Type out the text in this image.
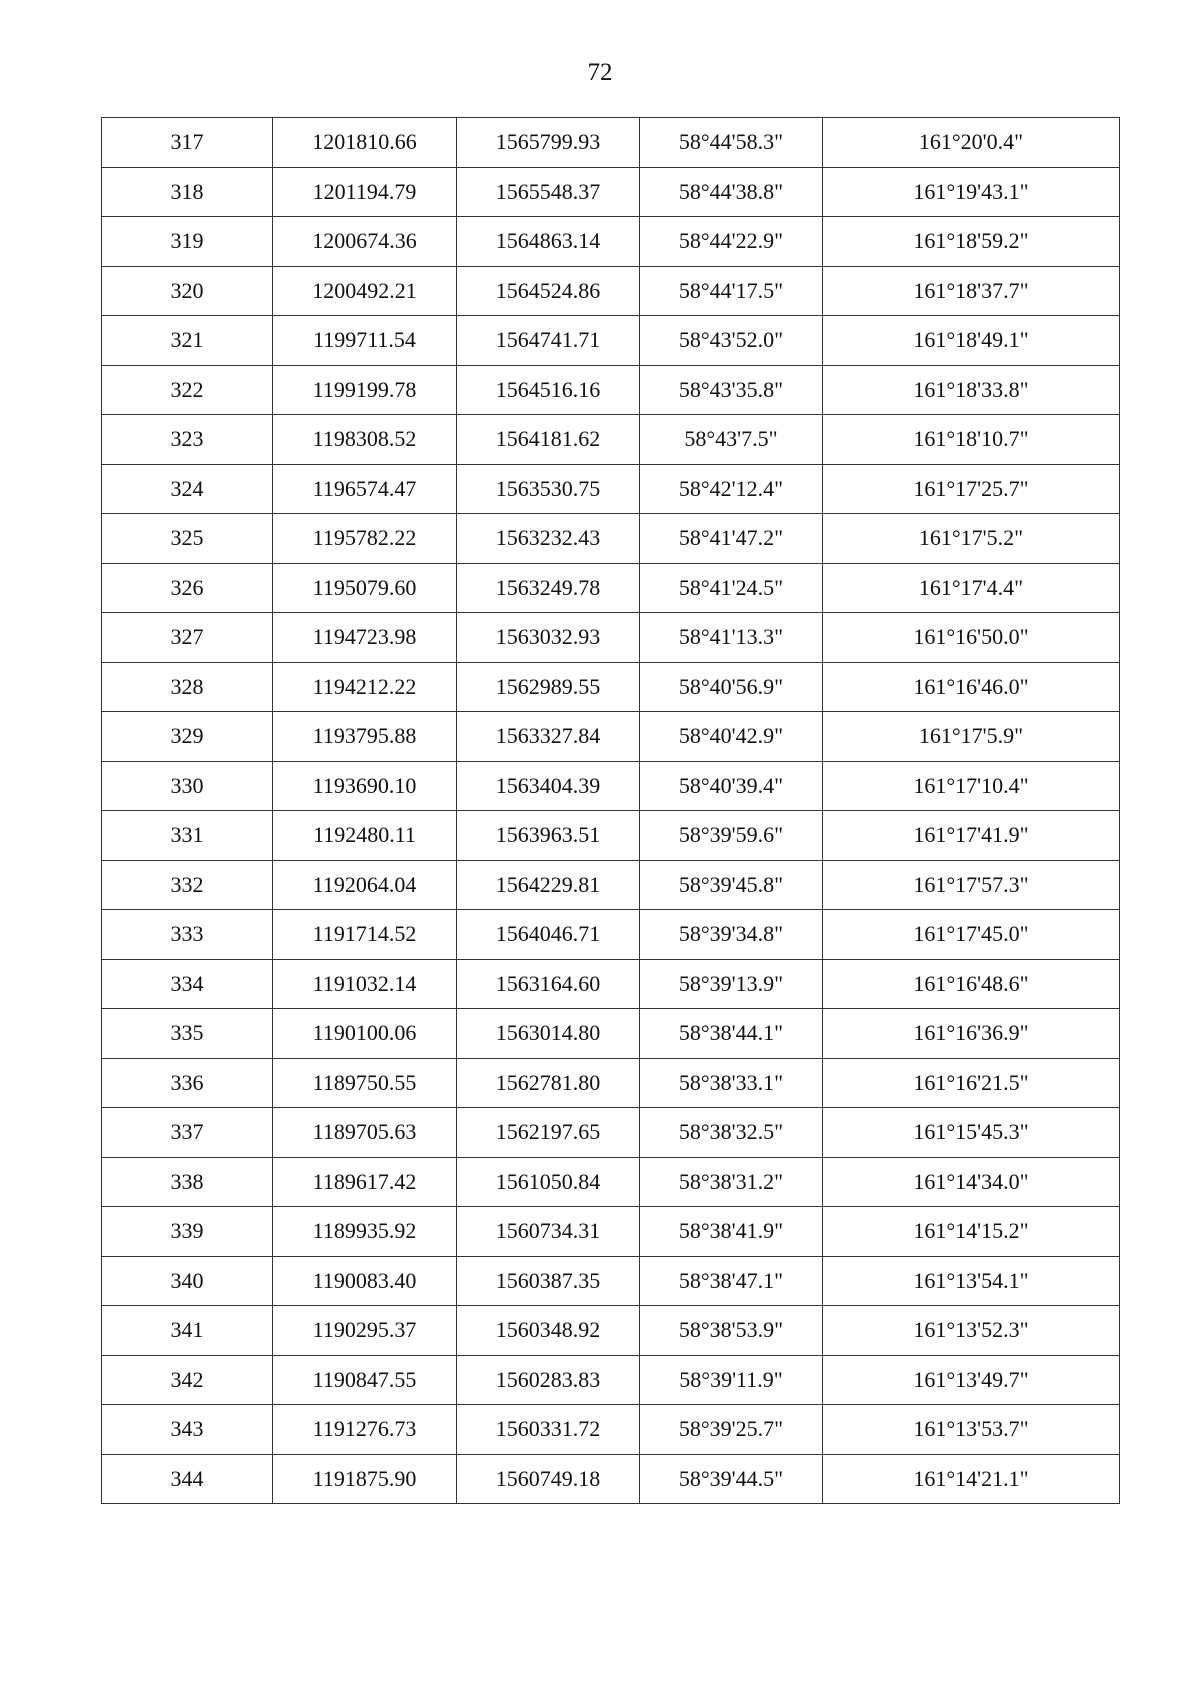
72
317	1201810.66	1565799.93	58°44'58.3"	161°20'0.4"
318	1201194.79	1565548.37	58°44'38.8"	161°19'43.1"
319	1200674.36	1564863.14	58°44'22.9"	161°18'59.2"
320	1200492.21	1564524.86	58°44'17.5"	161°18'37.7"
321	1199711.54	1564741.71	58°43'52.0"	161°18'49.1"
322	1199199.78	1564516.16	58°43'35.8"	161°18'33.8"
323	1198308.52	1564181.62	58°43'7.5"	161°18'10.7"
324	1196574.47	1563530.75	58°42'12.4"	161°17'25.7"
325	1195782.22	1563232.43	58°41'47.2"	161°17'5.2"
326	1195079.60	1563249.78	58°41'24.5"	161°17'4.4"
327	1194723.98	1563032.93	58°41'13.3"	161°16'50.0"
328	1194212.22	1562989.55	58°40'56.9"	161°16'46.0"
329	1193795.88	1563327.84	58°40'42.9"	161°17'5.9"
330	1193690.10	1563404.39	58°40'39.4"	161°17'10.4"
331	1192480.11	1563963.51	58°39'59.6"	161°17'41.9"
332	1192064.04	1564229.81	58°39'45.8"	161°17'57.3"
333	1191714.52	1564046.71	58°39'34.8"	161°17'45.0"
334	1191032.14	1563164.60	58°39'13.9"	161°16'48.6"
335	1190100.06	1563014.80	58°38'44.1"	161°16'36.9"
336	1189750.55	1562781.80	58°38'33.1"	161°16'21.5"
337	1189705.63	1562197.65	58°38'32.5"	161°15'45.3"
338	1189617.42	1561050.84	58°38'31.2"	161°14'34.0"
339	1189935.92	1560734.31	58°38'41.9"	161°14'15.2"
340	1190083.40	1560387.35	58°38'47.1"	161°13'54.1"
341	1190295.37	1560348.92	58°38'53.9"	161°13'52.3"
342	1190847.55	1560283.83	58°39'11.9"	161°13'49.7"
343	1191276.73	1560331.72	58°39'25.7"	161°13'53.7"
344	1191875.90	1560749.18	58°39'44.5"	161°14'21.1"
